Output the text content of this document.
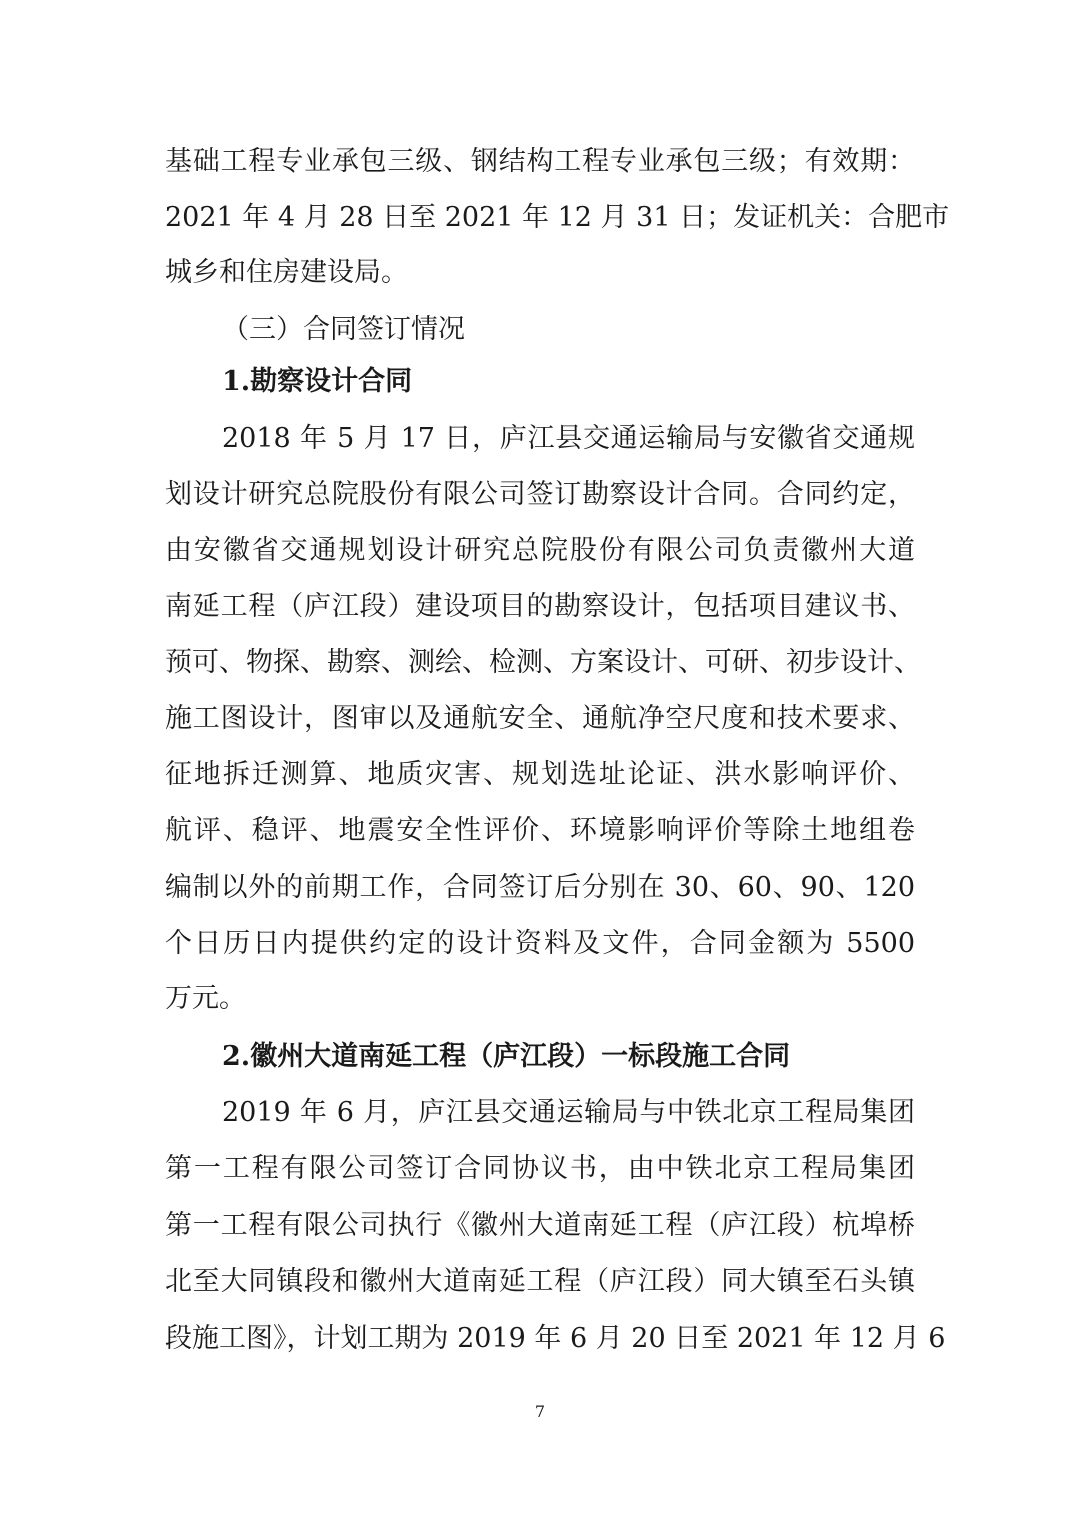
基础工程专业承包三级、钢结构工程专业承包三级；有效期：
2021 年 4 月 28 日至 2021 年 12 月 31 日；发证机关：合肥市
城乡和住房建设局。
（三）合同签订情况
1.勘察设计合同
2018 年 5 月 17 日，庐江县交通运输局与安徽省交通规
划设计研究总院股份有限公司签订勘察设计合同。合同约定，
由安徽省交通规划设计研究总院股份有限公司负责徽州大道
南延工程（庐江段）建设项目的勘察设计，包括项目建议书、
预可、物探、勘察、测绘、检测、方案设计、可研、初步设计、
施工图设计，图审以及通航安全、通航净空尺度和技术要求、
征地拆迁测算、地质灾害、规划选址论证、洪水影响评价、
航评、稳评、地震安全性评价、环境影响评价等除土地组卷
编制以外的前期工作，合同签订后分别在 30、60、90、120
个日历日内提供约定的设计资料及文件，合同金额为 5500
万元。
2.徽州大道南延工程（庐江段）一标段施工合同
2019 年 6 月，庐江县交通运输局与中铁北京工程局集团
第一工程有限公司签订合同协议书，由中铁北京工程局集团
第一工程有限公司执行《徽州大道南延工程（庐江段）杭埠桥
北至大同镇段和徽州大道南延工程（庐江段）同大镇至石头镇
段施工图》，计划工期为 2019 年 6 月 20 日至 2021 年 12 月 6
7
